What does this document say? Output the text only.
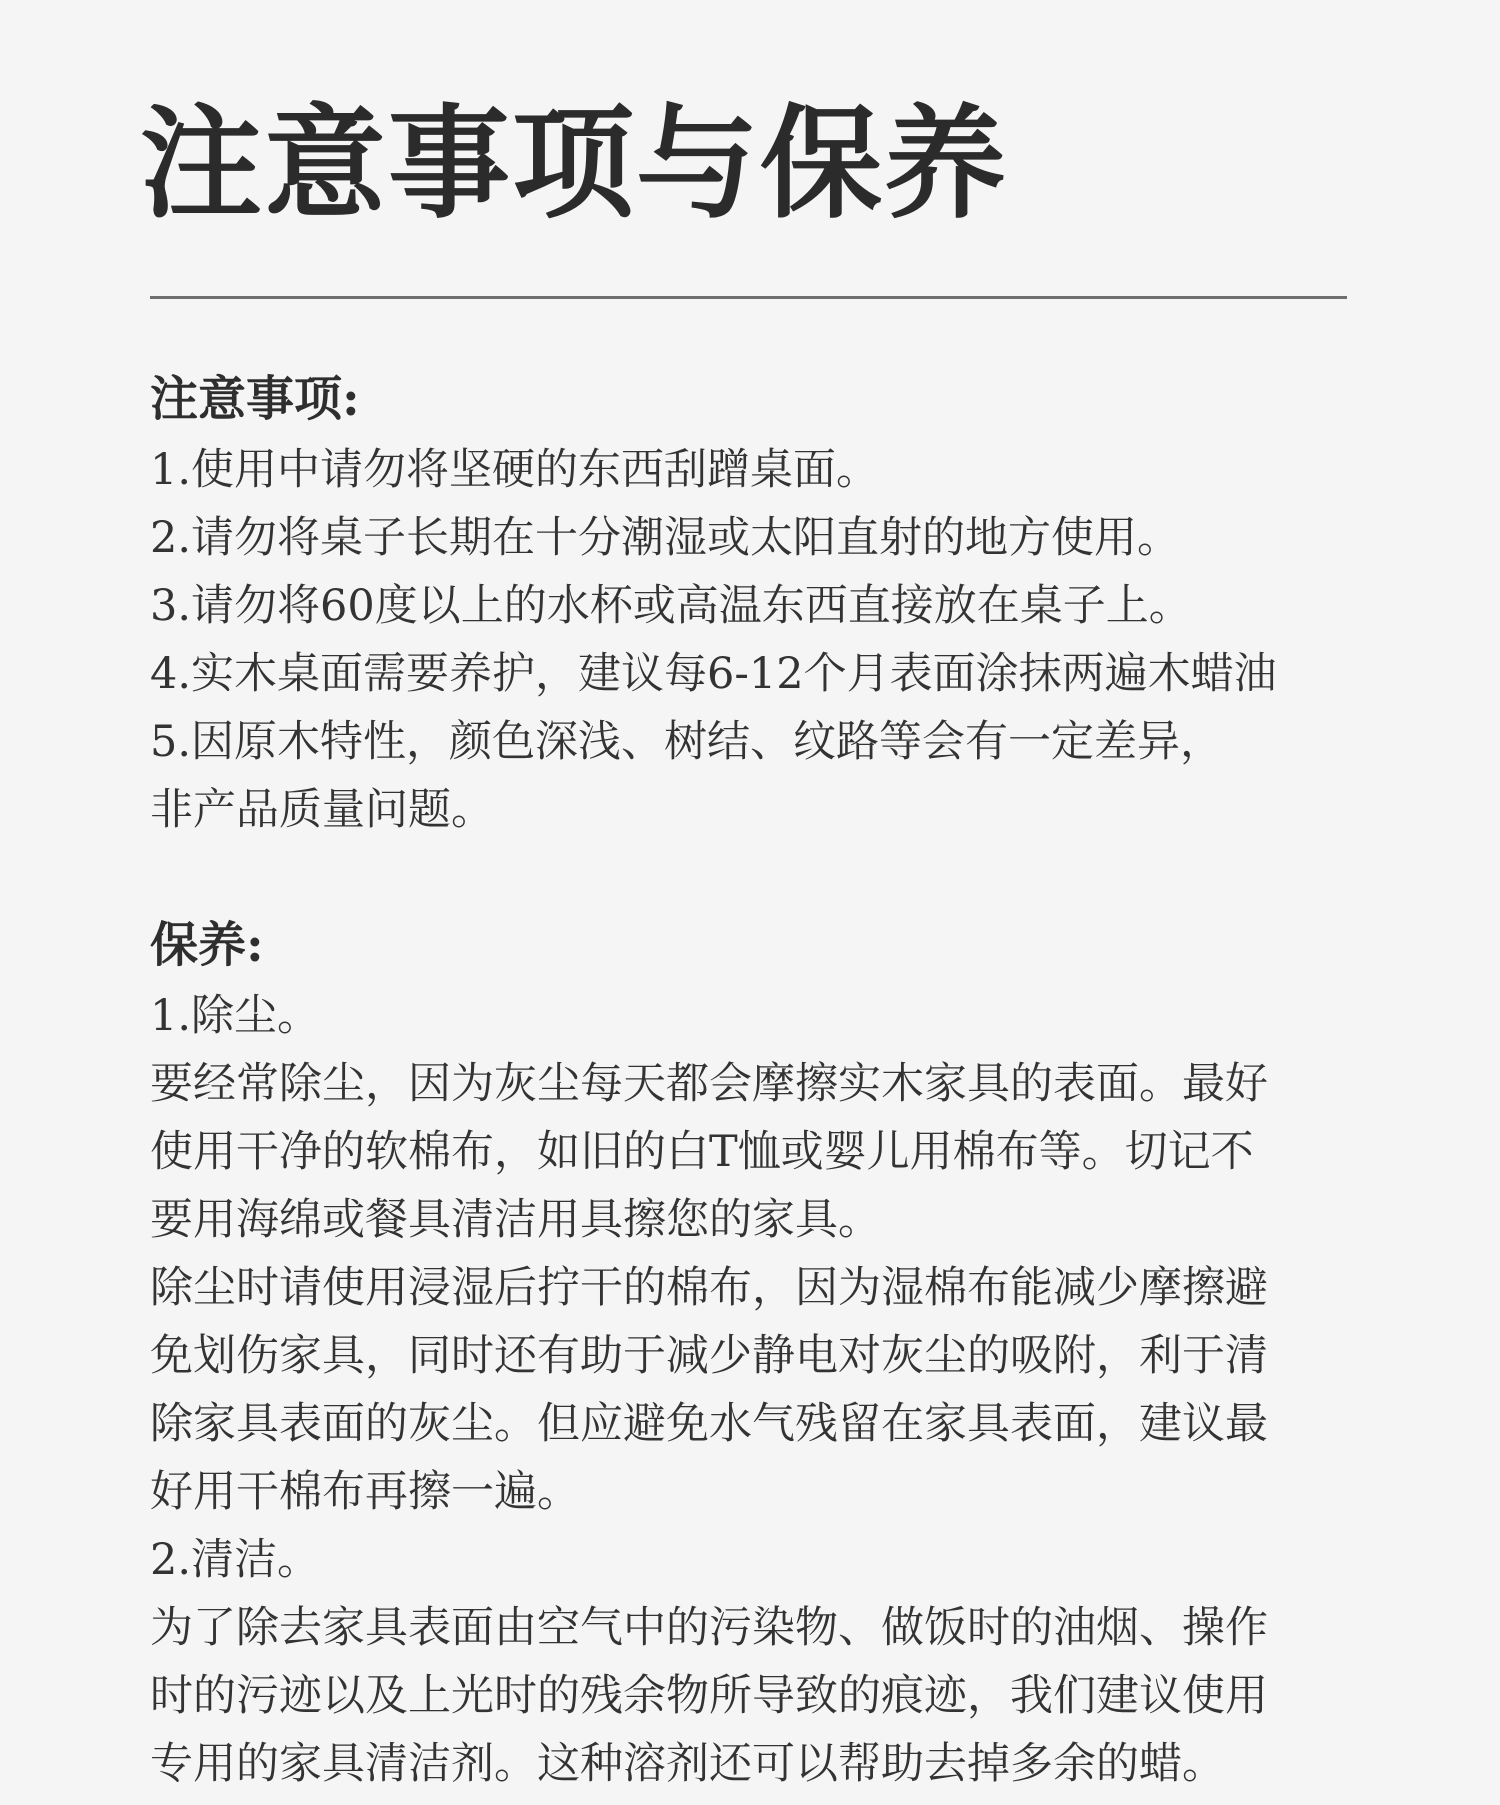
注意事项与保养
注意事项:
1.使用中请勿将坚硬的东西刮蹭桌面。
2.请勿将桌子长期在十分潮湿或太阳直射的地方使用。
3.请勿将60度以上的水杯或高温东西直接放在桌子上。
4.实木桌面需要养护，建议每6-12个月表面涂抹两遍木蜡油
5.因原木特性，颜色深浅、树结、纹路等会有一定差异，
非产品质量问题。
保养:
1.除尘。
要经常除尘，因为灰尘每天都会摩擦实木家具的表面。最好
使用干净的软棉布，如旧的白T恤或婴儿用棉布等。切记不
要用海绵或餐具清洁用具擦您的家具。
除尘时请使用浸湿后拧干的棉布，因为湿棉布能减少摩擦避
免划伤家具，同时还有助于减少静电对灰尘的吸附，利于清
除家具表面的灰尘。但应避免水气残留在家具表面，建议最
好用干棉布再擦一遍。
2.清洁。
为了除去家具表面由空气中的污染物、做饭时的油烟、操作
时的污迹以及上光时的残余物所导致的痕迹，我们建议使用
专用的家具清洁剂。这种溶剂还可以帮助去掉多余的蜡。
